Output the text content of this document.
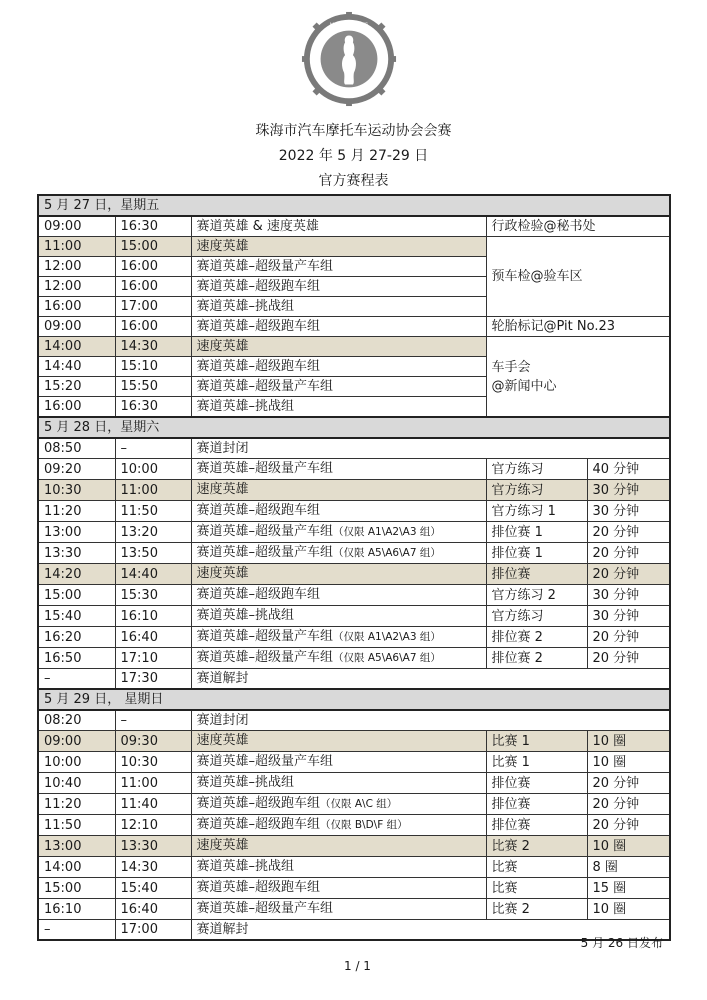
MOTORSPORTS
珠海市汽车摩托车运动协会会赛
2022 年 5 月 27-29 日
官方赛程表
5 月 27 日，星期五				
09:00	16:30	赛道英雄 & 速度英雄	行政检验@秘书处	
11:00	15:00	速度英雄	预车检@验车区	
12:00	16:00	赛道英雄–超级量产车组		
12:00	16:00	赛道英雄–超级跑车组		
16:00	17:00	赛道英雄–挑战组		
09:00	16:00	赛道英雄–超级跑车组	轮胎标记@Pit No.23	
14:00	14:30	速度英雄	车手会
@新闻中心	

14:40	15:10	赛道英雄–超级跑车组		
15:20	15:50	赛道英雄–超级量产车组		
16:00	16:30	赛道英雄–挑战组		
5 月 28 日，星期六				
08:50	–	赛道封闭		
09:20	10:00	赛道英雄–超级量产车组	官方练习	40 分钟
10:30	11:00	速度英雄	官方练习	30 分钟
11:20	11:50	赛道英雄–超级跑车组	官方练习 1	30 分钟
13:00	13:20	赛道英雄–超级量产车组（仅限 A1\A2\A3 组）	排位赛 1	20 分钟
13:30	13:50	赛道英雄–超级量产车组（仅限 A5\A6\A7 组）	排位赛 1	20 分钟
14:20	14:40	速度英雄	排位赛	20 分钟
15:00	15:30	赛道英雄–超级跑车组	官方练习 2	30 分钟
15:40	16:10	赛道英雄–挑战组	官方练习	30 分钟
16:20	16:40	赛道英雄–超级量产车组（仅限 A1\A2\A3 组）	排位赛 2	20 分钟
16:50	17:10	赛道英雄–超级量产车组（仅限 A5\A6\A7 组）	排位赛 2	20 分钟
–	17:30	赛道解封		
5 月 29 日， 星期日				
08:20	–	赛道封闭		
09:00	09:30	速度英雄	比赛 1	10 圈
10:00	10:30	赛道英雄–超级量产车组	比赛 1	10 圈
10:40	11:00	赛道英雄–挑战组	排位赛	20 分钟
11:20	11:40	赛道英雄–超级跑车组（仅限 A\C 组）	排位赛	20 分钟
11:50	12:10	赛道英雄–超级跑车组（仅限 B\D\F 组）	排位赛	20 分钟
13:00	13:30	速度英雄	比赛 2	10 圈
14:00	14:30	赛道英雄–挑战组	比赛	8 圈
15:00	15:40	赛道英雄–超级跑车组	比赛	15 圈
16:10	16:40	赛道英雄–超级量产车组	比赛 2	10 圈
–	17:00	赛道解封		
5 月 26 日发布
1 / 1
